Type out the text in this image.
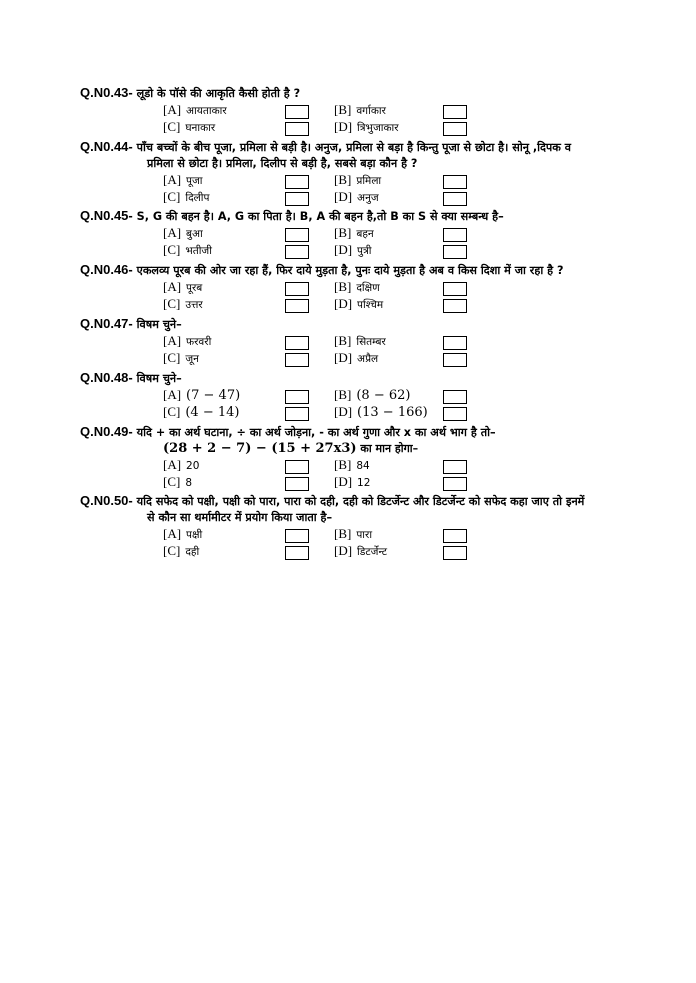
Q.N0.43- लूडो के पॉसे की आकृति कैसी होती है ?
[A] आयताकार	[B] वर्गाकार
[C] घनाकार	[D] त्रिभुजाकार
Q.N0.44- पाँच बच्चों के बीच पूजा, प्रमिला से बड़ी है। अनुज, प्रमिला से बड़ा है किन्तु पूजा से छोटा है। सोनू ,दिपक व
प्रमिला से छोटा है। प्रमिला, दिलीप से बड़ी है, सबसे बड़ा कौन है ?
[A] पूजा	[B] प्रमिला
[C] दिलीप	[D] अनुज
Q.N0.45- S, G की बहन है। A, G का पिता है। B, A की बहन है,तो B का S से क्या सम्बन्ध है–
[A] बुआ	[B] बहन
[C] भतीजी	[D] पुत्री
Q.N0.46- एकलव्य पूरब की ओर जा रहा हैं, फिर दाये मुड़ता है, पुनः दाये मुड़ता है अब व किस दिशा में जा रहा है ?
[A] पूरब	[B] दक्षिण
[C] उत्तर	[D] पश्चिम
Q.N0.47- विषम चुने–
[A] फरवरी	[B] सितम्बर
[C] जून	[D] अप्रैल
Q.N0.48- विषम चुने–
[A] (7 − 47)	[B] (8 − 62)
[C] (4 − 14)	[D] (13 − 166)
Q.N0.49- यदि + का अर्थ घटाना, ÷ का अर्थ जोड़ना, - का अर्थ गुणा और x का अर्थ भाग है तो–
(28 + 2 − 7) − (15 + 27x3) का मान होगा–
[A] 20	[B] 84
[C] 8	[D] 12
Q.N0.50- यदि सफेद को पक्षी, पक्षी को पारा, पारा को दही, दही को डिटर्जेन्ट और डिटर्जेन्ट को सफेद कहा जाए तो इनमें
से कौन सा थर्मामीटर में प्रयोग किया जाता है–
[A] पक्षी	[B] पारा
[C] दही	[D] डिटर्जेन्ट
